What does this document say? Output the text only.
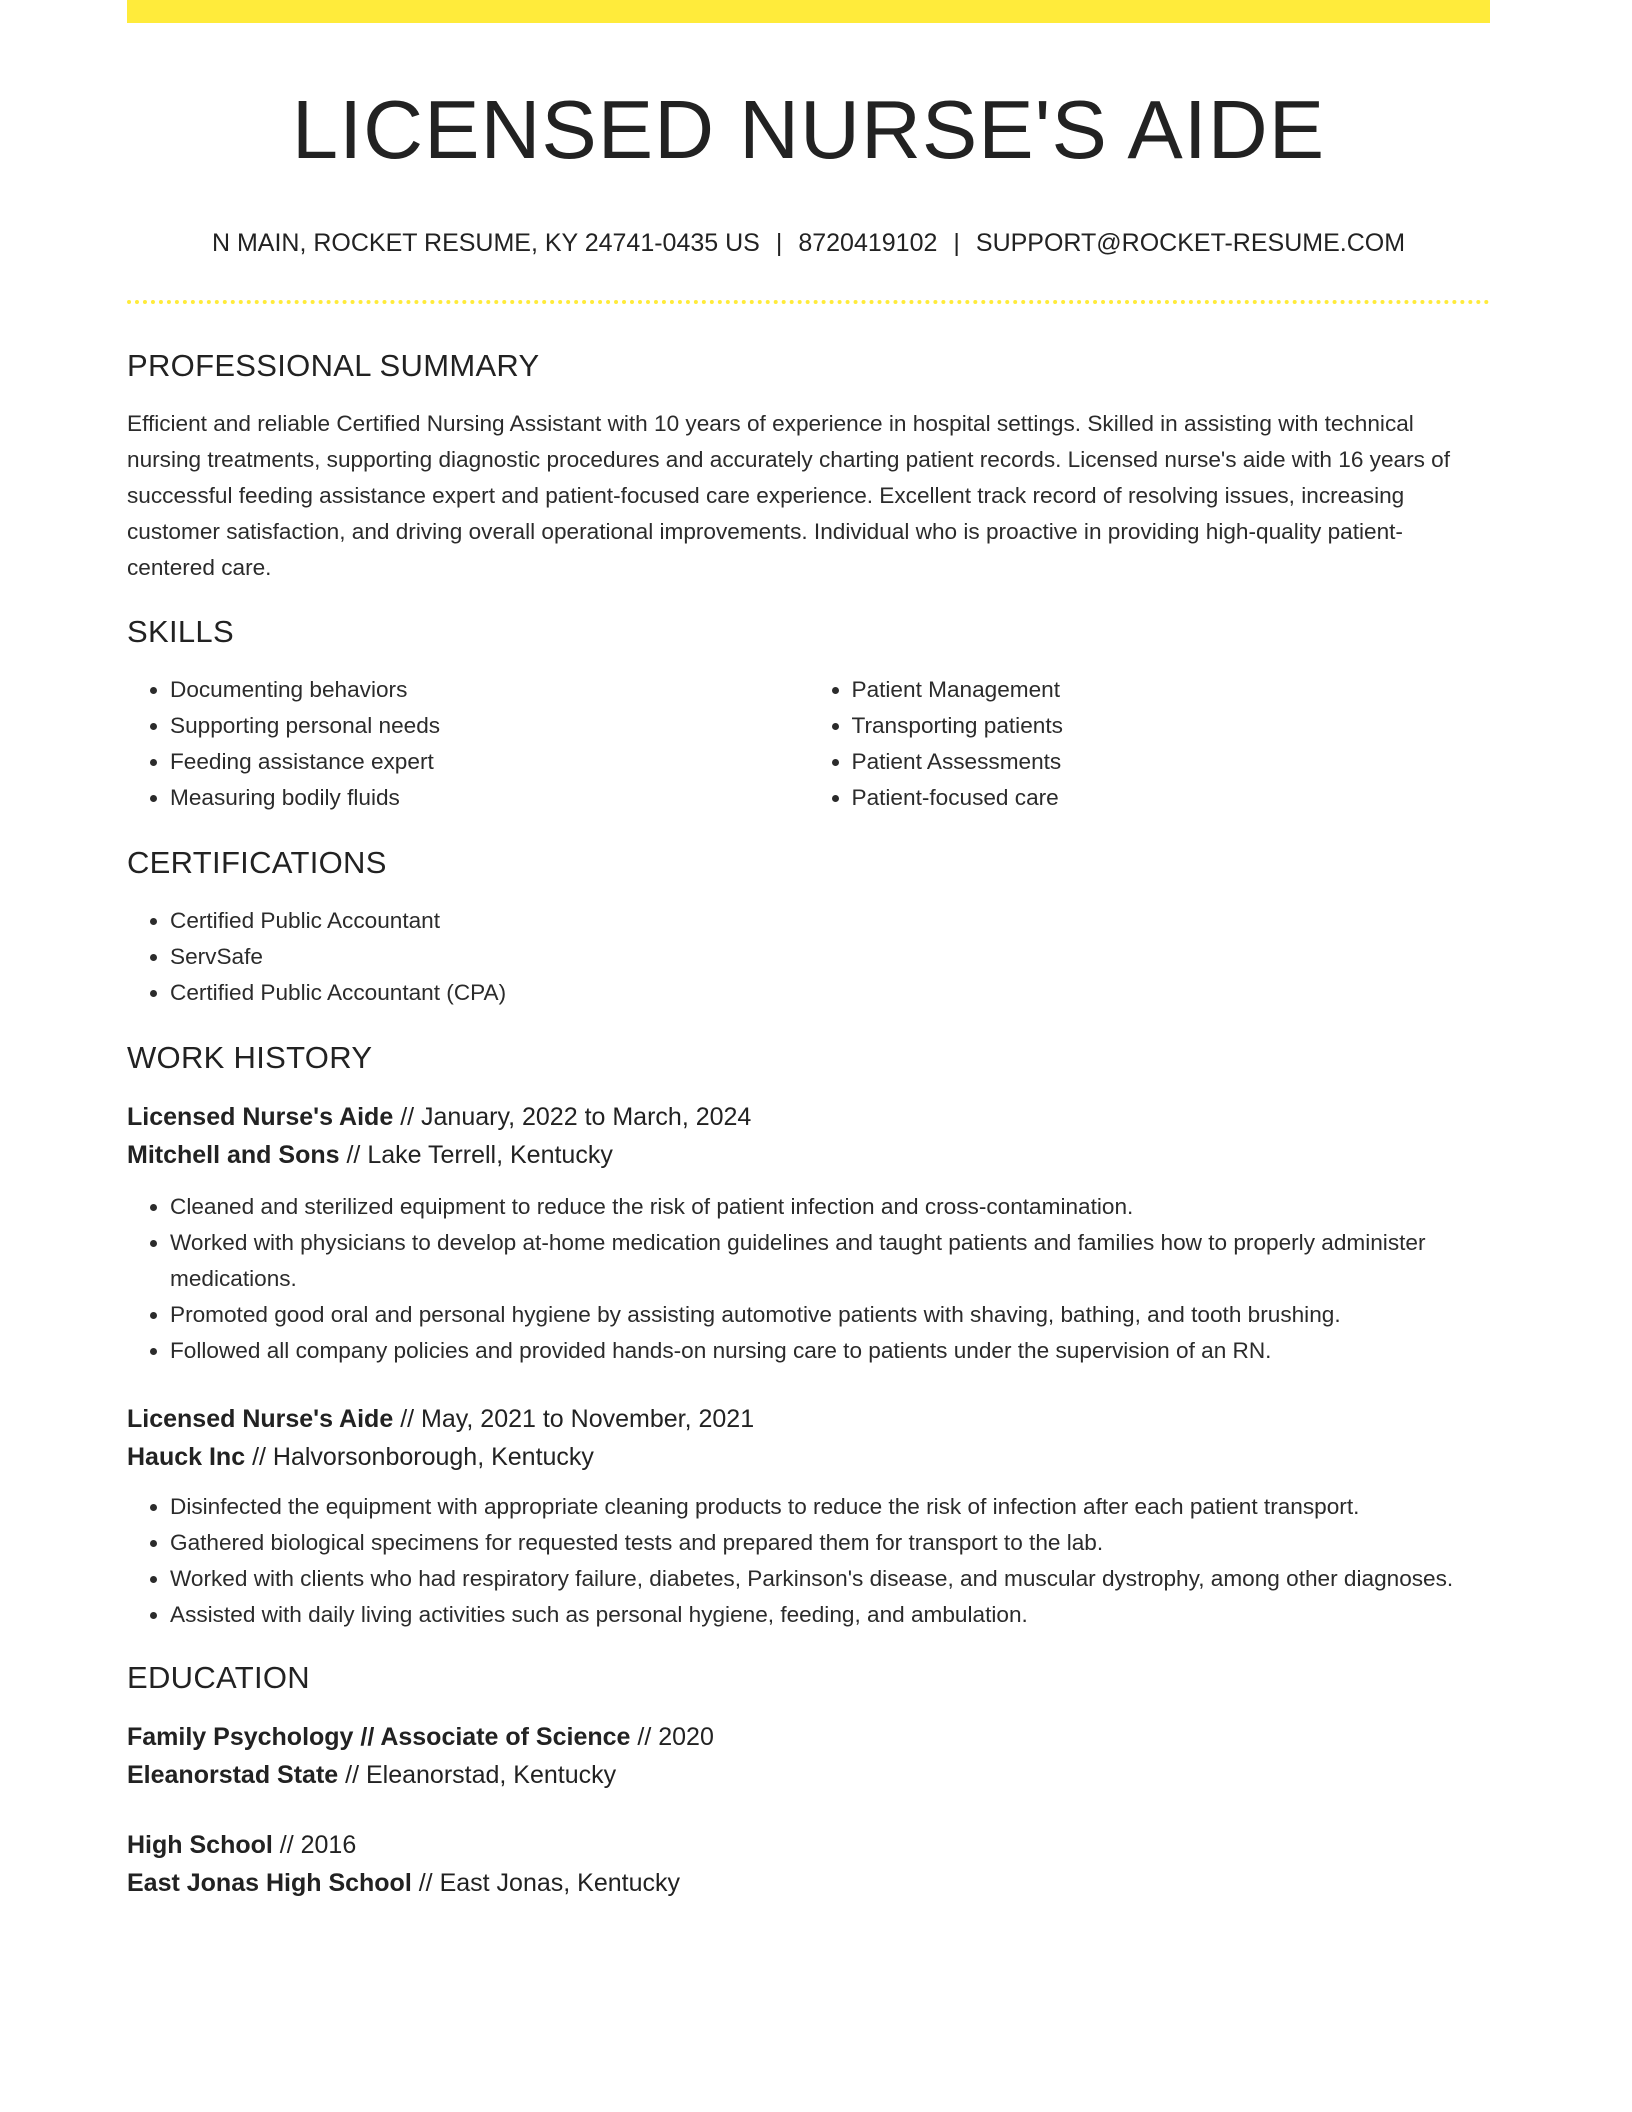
LICENSED NURSE'S AIDE
N MAIN, ROCKET RESUME, KY 24741-0435 US | 8720419102 | SUPPORT@ROCKET-RESUME.COM
PROFESSIONAL SUMMARY

Efficient and reliable Certified Nursing Assistant with 10 years of experience in hospital settings. Skilled in assisting with technical nursing treatments, supporting diagnostic procedures and accurately charting patient records. Licensed nurse's aide with 16 years of successful feeding assistance expert and patient-focused care experience. Excellent track record of resolving issues, increasing customer satisfaction, and driving overall operational improvements. Individual who is proactive in providing high-quality patient-centered care.

SKILLS
• Documenting behaviors
• Supporting personal needs
• Feeding assistance expert
• Measuring bodily fluids
• Patient Management
• Transporting patients
• Patient Assessments
• Patient-focused care
CERTIFICATIONS
• Certified Public Accountant
• ServSafe
• Certified Public Accountant (CPA)
WORK HISTORY
Licensed Nurse's Aide // January, 2022 to March, 2024
Mitchell and Sons // Lake Terrell, Kentucky
• Cleaned and sterilized equipment to reduce the risk of patient infection and cross-contamination.
• Worked with physicians to develop at-home medication guidelines and taught patients and families how to properly administer medications.
• Promoted good oral and personal hygiene by assisting automotive patients with shaving, bathing, and tooth brushing.
• Followed all company policies and provided hands-on nursing care to patients under the supervision of an RN.
Licensed Nurse's Aide // May, 2021 to November, 2021
Hauck Inc // Halvorsonborough, Kentucky
• Disinfected the equipment with appropriate cleaning products to reduce the risk of infection after each patient transport.
• Gathered biological specimens for requested tests and prepared them for transport to the lab.
• Worked with clients who had respiratory failure, diabetes, Parkinson's disease, and muscular dystrophy, among other diagnoses.
• Assisted with daily living activities such as personal hygiene, feeding, and ambulation.
EDUCATION
Family Psychology // Associate of Science // 2020
Eleanorstad State // Eleanorstad, Kentucky
High School // 2016
East Jonas High School // East Jonas, Kentucky
